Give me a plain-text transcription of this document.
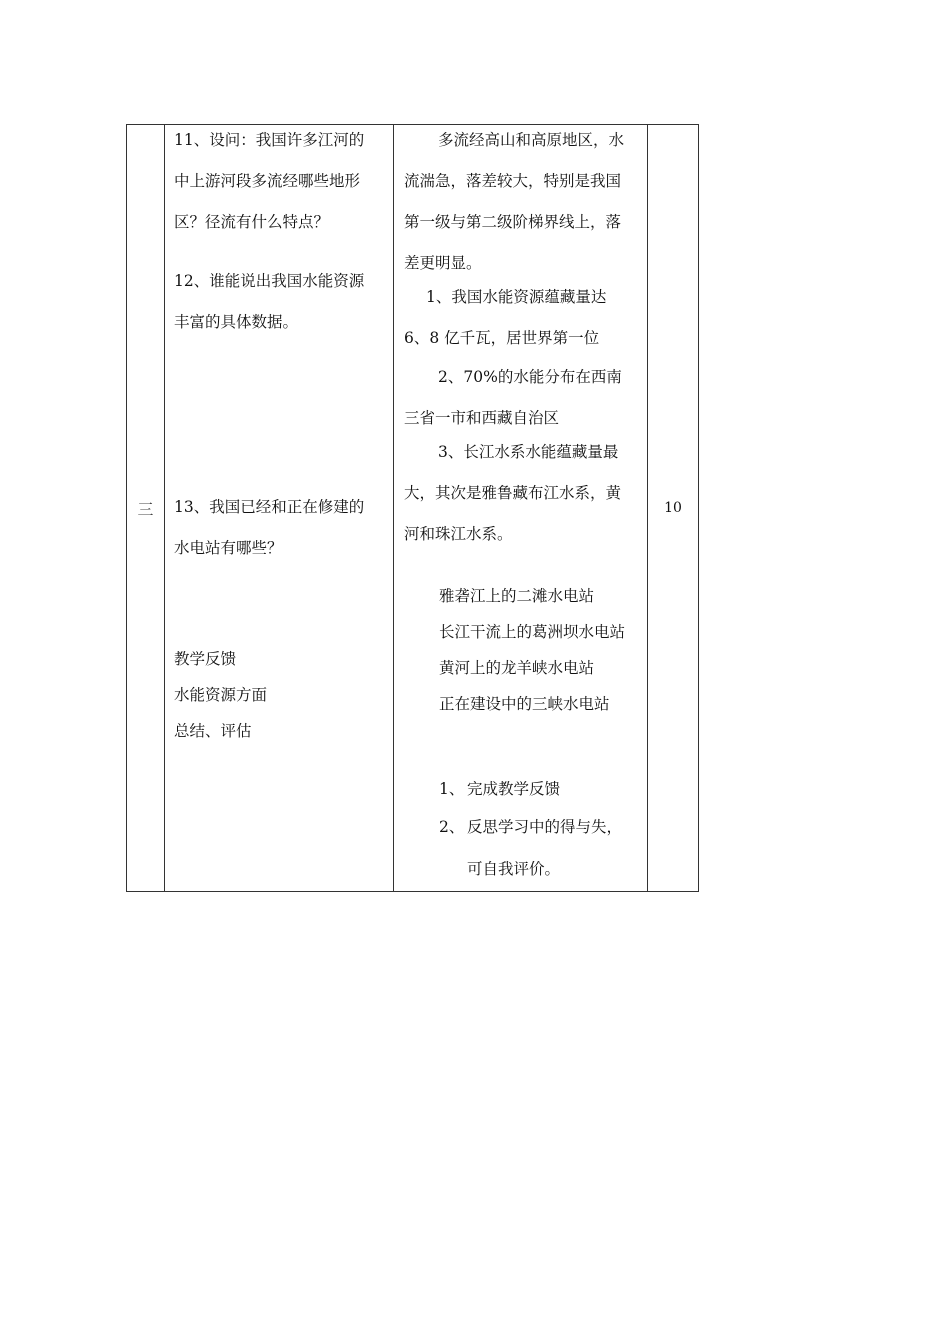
三	10
11、设问：我国许多江河的
中上游河段多流经哪些地形
区？径流有什么特点？
12、谁能说出我国水能资源
丰富的具体数据。
13、我国已经和正在修建的
水电站有哪些？
教学反馈
水能资源方面
总结、评估
多流经高山和高原地区，水
流湍急，落差较大，特别是我国
第一级与第二级阶梯界线上，落
差更明显。
1、我国水能资源蕴藏量达
6、8 亿千瓦，居世界第一位
2、70%的水能分布在西南
三省一市和西藏自治区
3、长江水系水能蕴藏量最
大，其次是雅鲁藏布江水系，黄
河和珠江水系。
雅砻江上的二滩水电站
长江干流上的葛洲坝水电站
黄河上的龙羊峡水电站
正在建设中的三峡水电站
1、 完成教学反馈
2、 反思学习中的得与失，
可自我评价。
